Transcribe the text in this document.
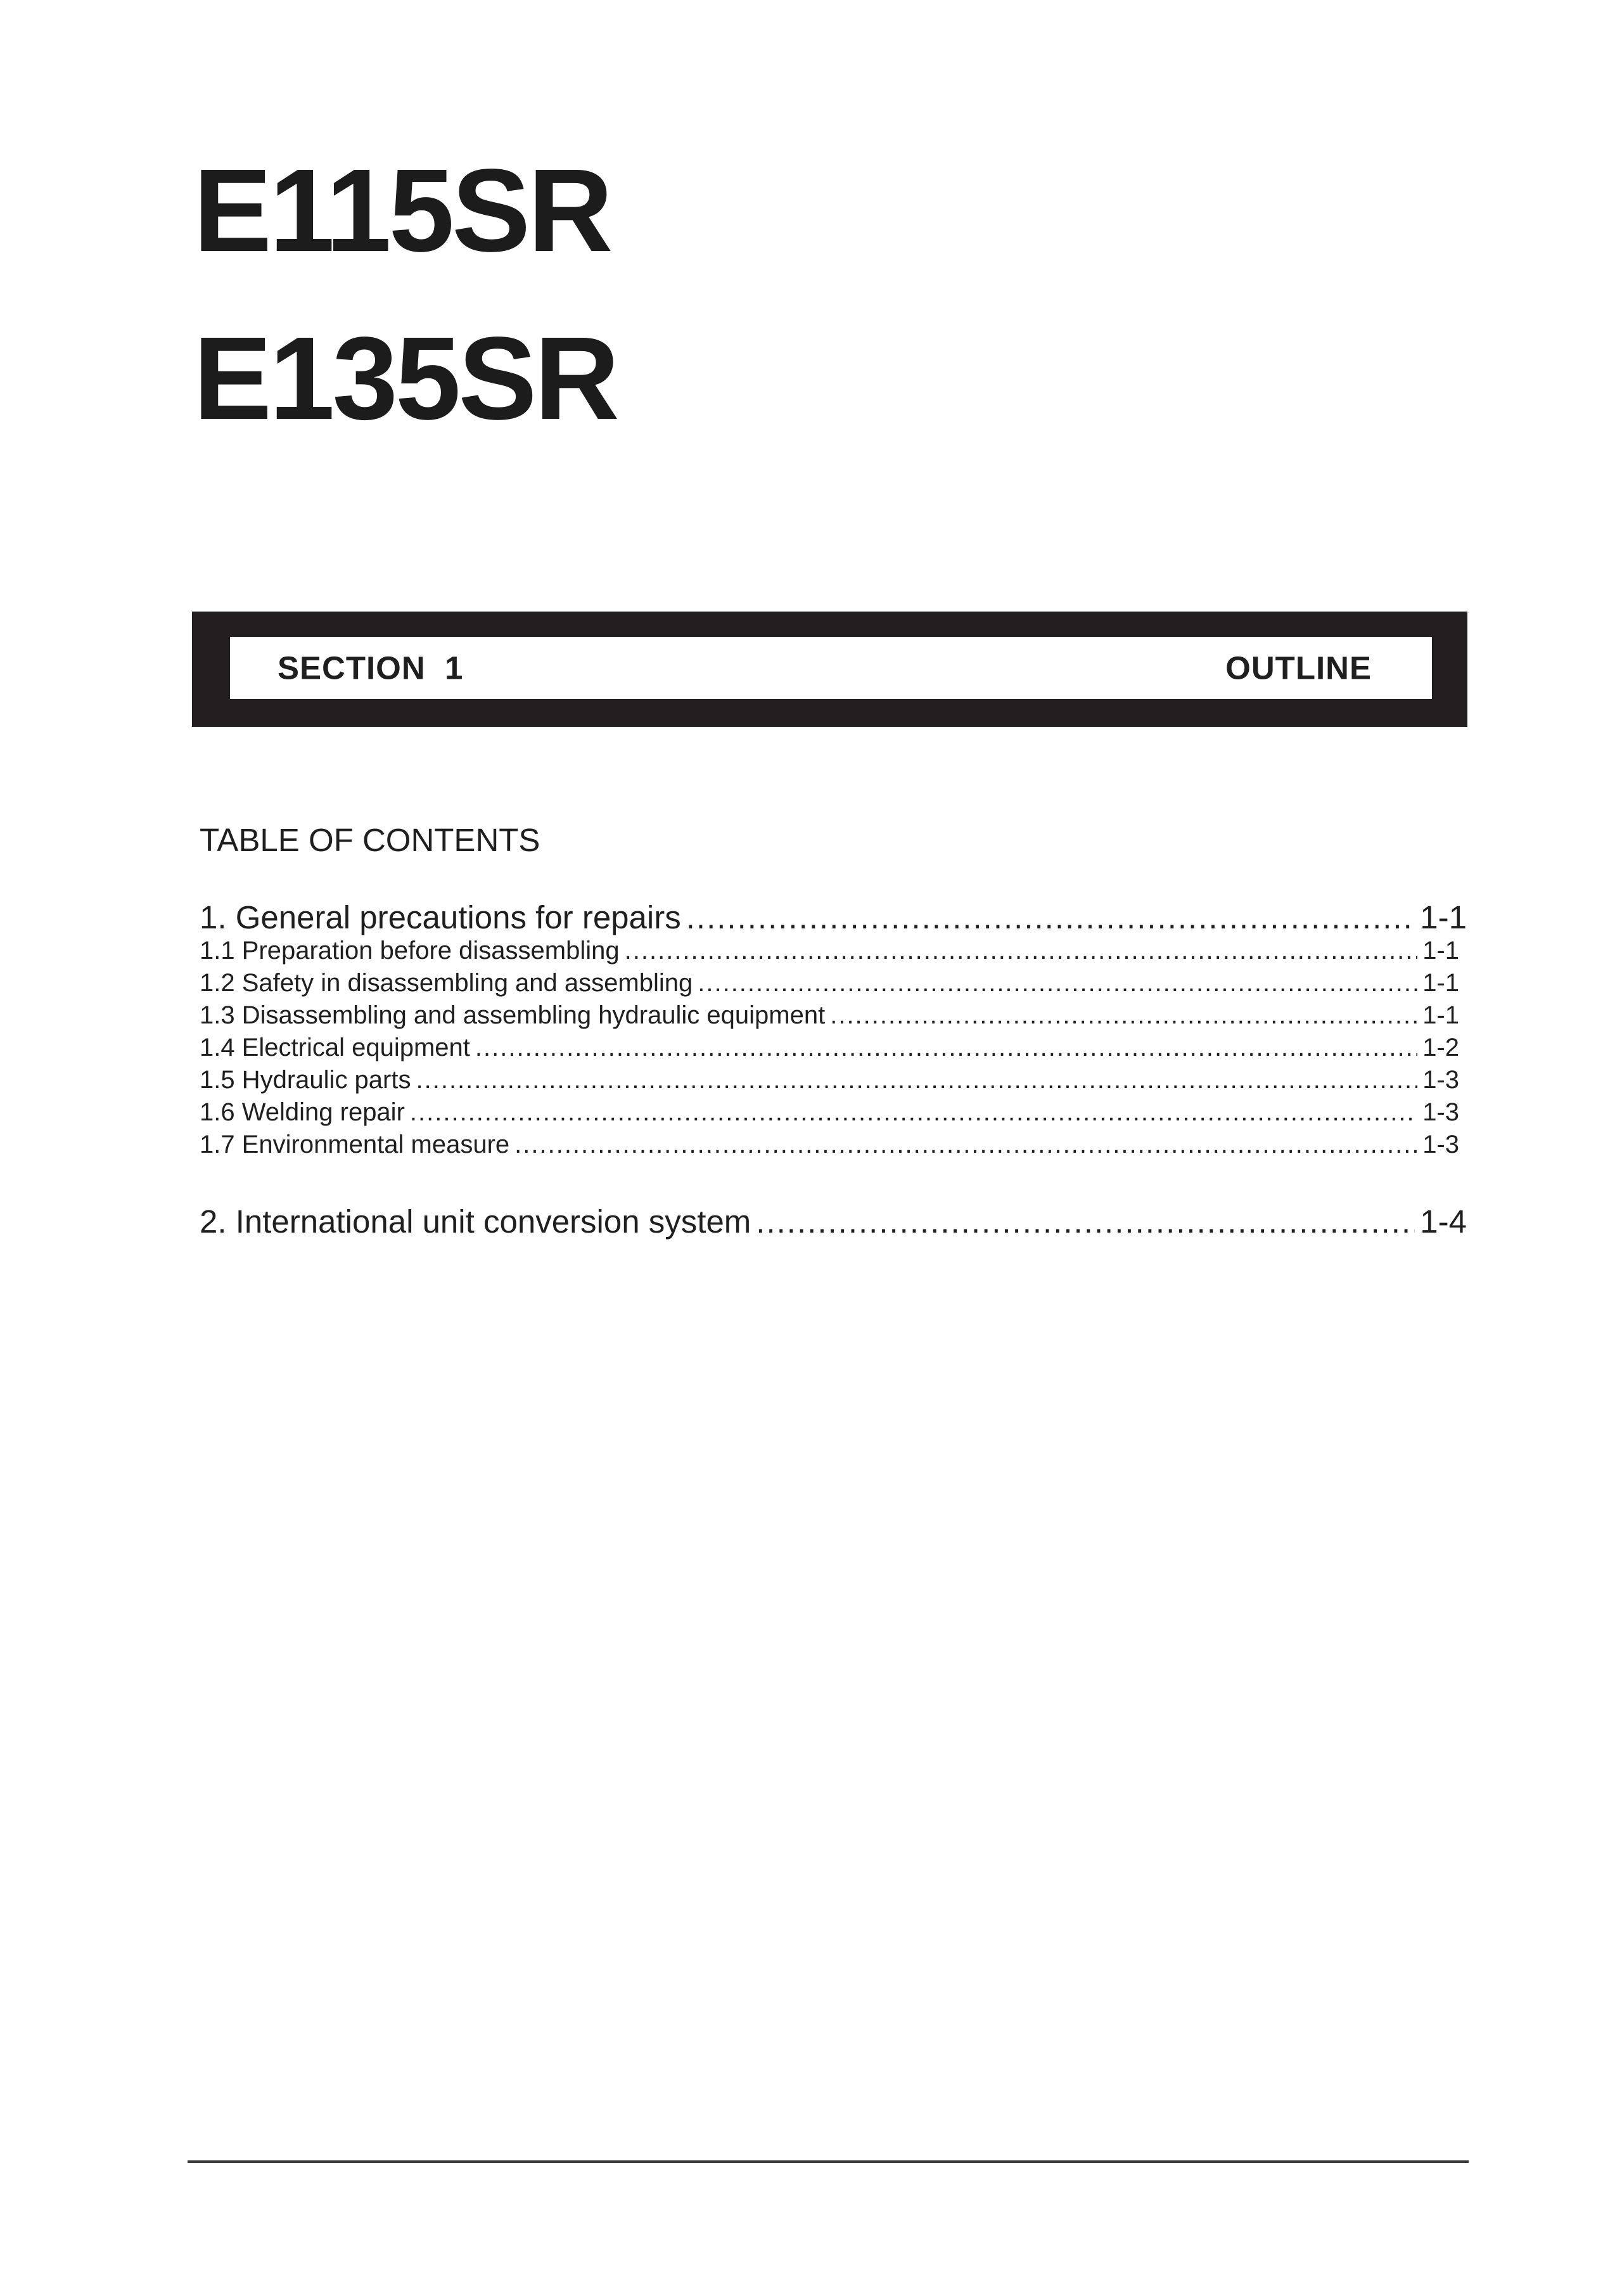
E115SR
E135SR
SECTION  1	OUTLINE
TABLE OF CONTENTS
1. General precautions for repairs .....	1-1
1.1 Preparation before disassembling .....	1-1
1.2 Safety in disassembling and assembling .....	1-1
1.3 Disassembling and assembling hydraulic equipment .....	1-1
1.4 Electrical equipment .....	1-2
1.5 Hydraulic parts .....	1-3
1.6 Welding repair .....	1-3
1.7 Environmental measure .....	1-3
2. International unit conversion system .....	1-4
